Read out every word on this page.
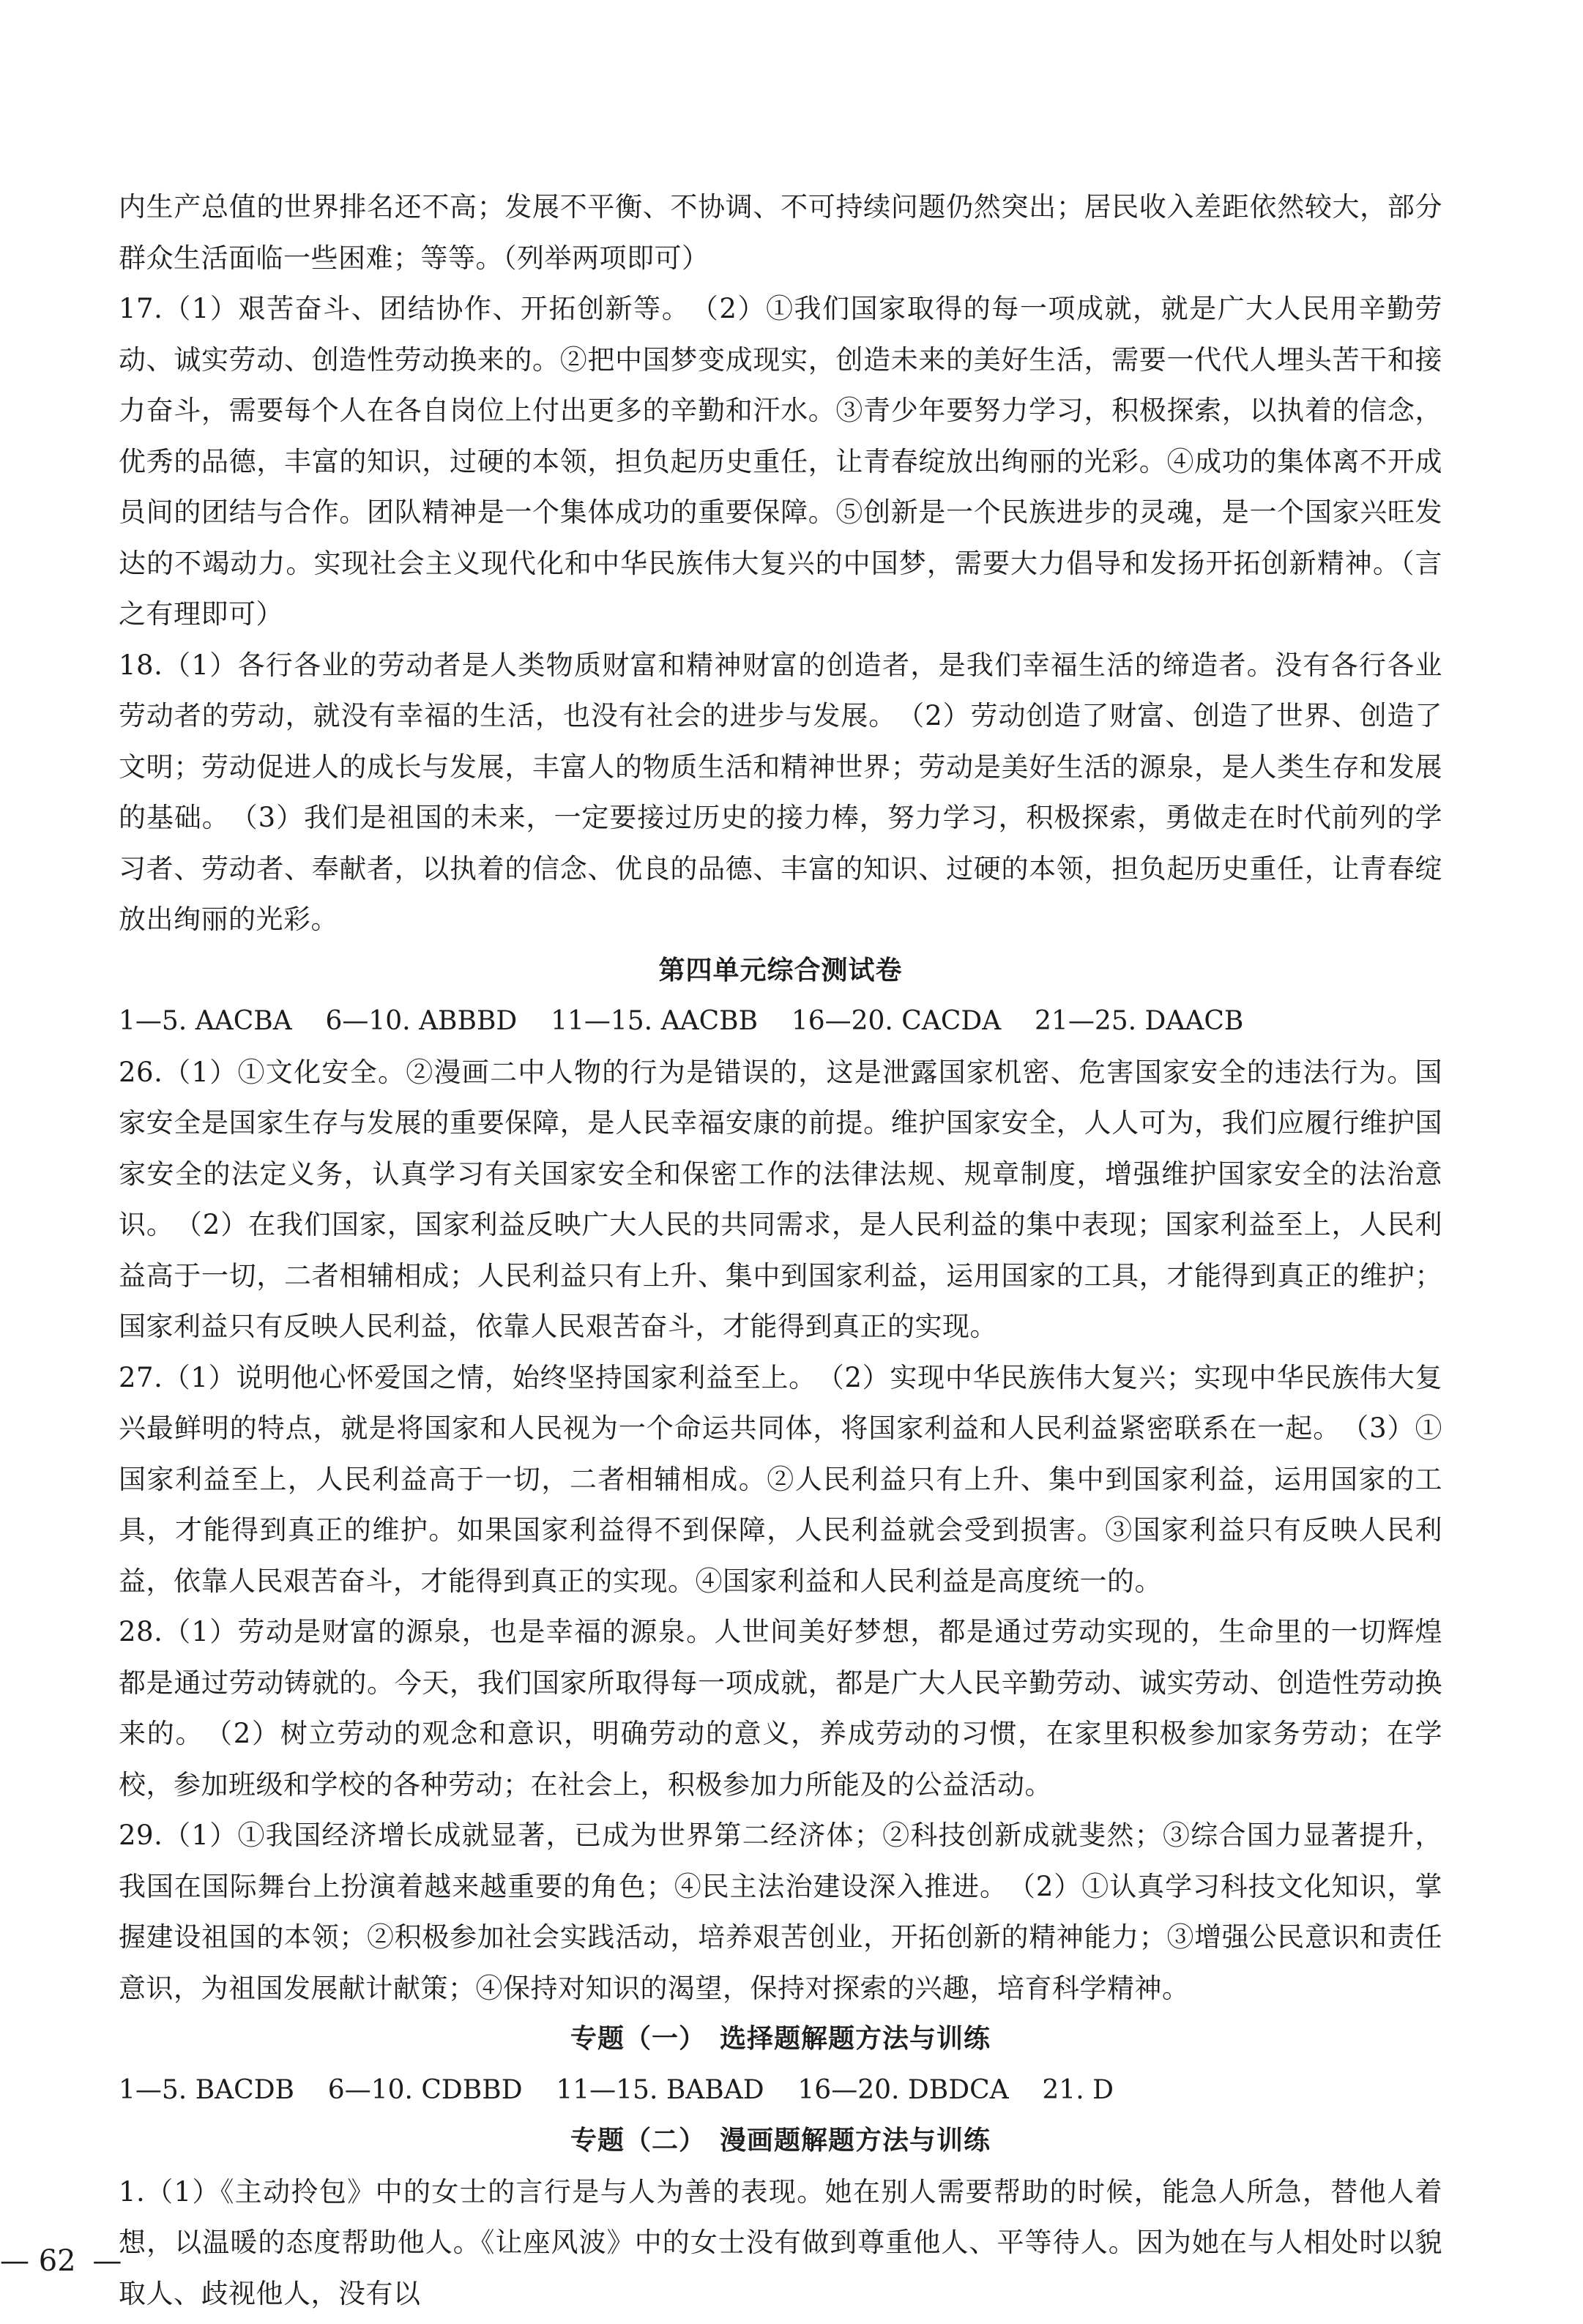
内生产总值的世界排名还不高；发展不平衡、不协调、不可持续问题仍然突出；居民收入差距依然较大，部分群众生活面临一些困难；等等。（列举两项即可）

17.（1）艰苦奋斗、团结协作、开拓创新等。　（2）①我们国家取得的每一项成就，就是广大人民用辛勤劳动、诚实劳动、创造性劳动换来的。②把中国梦变成现实，创造未来的美好生活，需要一代代人埋头苦干和接力奋斗，需要每个人在各自岗位上付出更多的辛勤和汗水。③青少年要努力学习，积极探索，以执着的信念，优秀的品德，丰富的知识，过硬的本领，担负起历史重任，让青春绽放出绚丽的光彩。④成功的集体离不开成员间的团结与合作。团队精神是一个集体成功的重要保障。⑤创新是一个民族进步的灵魂，是一个国家兴旺发达的不竭动力。实现社会主义现代化和中华民族伟大复兴的中国梦，需要大力倡导和发扬开拓创新精神。（言之有理即可）

18.（1）各行各业的劳动者是人类物质财富和精神财富的创造者，是我们幸福生活的缔造者。没有各行各业劳动者的劳动，就没有幸福的生活，也没有社会的进步与发展。　（2）劳动创造了财富、创造了世界、创造了文明；劳动促进人的成长与发展，丰富人的物质生活和精神世界；劳动是美好生活的源泉，是人类生存和发展的基础。　（3）我们是祖国的未来，一定要接过历史的接力棒，努力学习，积极探索，勇做走在时代前列的学习者、劳动者、奉献者，以执着的信念、优良的品德、丰富的知识、过硬的本领，担负起历史重任，让青春绽放出绚丽的光彩。

第四单元综合测试卷

1—5. AACBA    6—10. ABBBD    11—15. AACBB    16—20. CACDA    21—25. DAACB

26.（1）①文化安全。②漫画二中人物的行为是错误的，这是泄露国家机密、危害国家安全的违法行为。国家安全是国家生存与发展的重要保障，是人民幸福安康的前提。维护国家安全，人人可为，我们应履行维护国家安全的法定义务，认真学习有关国家安全和保密工作的法律法规、规章制度，增强维护国家安全的法治意识。　（2）在我们国家，国家利益反映广大人民的共同需求，是人民利益的集中表现；国家利益至上，人民利益高于一切，二者相辅相成；人民利益只有上升、集中到国家利益，运用国家的工具，才能得到真正的维护；国家利益只有反映人民利益，依靠人民艰苦奋斗，才能得到真正的实现。

27.（1）说明他心怀爱国之情，始终坚持国家利益至上。　（2）实现中华民族伟大复兴；实现中华民族伟大复兴最鲜明的特点，就是将国家和人民视为一个命运共同体，将国家利益和人民利益紧密联系在一起。　（3）①国家利益至上，人民利益高于一切，二者相辅相成。②人民利益只有上升、集中到国家利益，运用国家的工具，才能得到真正的维护。如果国家利益得不到保障，人民利益就会受到损害。③国家利益只有反映人民利益，依靠人民艰苦奋斗，才能得到真正的实现。④国家利益和人民利益是高度统一的。

28.（1）劳动是财富的源泉，也是幸福的源泉。人世间美好梦想，都是通过劳动实现的，生命里的一切辉煌都是通过劳动铸就的。今天，我们国家所取得每一项成就，都是广大人民辛勤劳动、诚实劳动、创造性劳动换来的。　（2）树立劳动的观念和意识，明确劳动的意义，养成劳动的习惯，在家里积极参加家务劳动；在学校，参加班级和学校的各种劳动；在社会上，积极参加力所能及的公益活动。

29.（1）①我国经济增长成就显著，已成为世界第二经济体；②科技创新成就斐然；③综合国力显著提升，我国在国际舞台上扮演着越来越重要的角色；④民主法治建设深入推进。　（2）①认真学习科技文化知识，掌握建设祖国的本领；②积极参加社会实践活动，培养艰苦创业，开拓创新的精神能力；③增强公民意识和责任意识，为祖国发展献计献策；④保持对知识的渴望，保持对探索的兴趣，培育科学精神。

专题（一）　选择题解题方法与训练

1—5. BACDB    6—10. CDBBD    11—15. BABAD    16—20. DBDCA    21. D

专题（二）　漫画题解题方法与训练

1.（1）《主动拎包》中的女士的言行是与人为善的表现。她在别人需要帮助的时候，能急人所急，替他人着想，以温暖的态度帮助他人。《让座风波》中的女士没有做到尊重他人、平等待人。因为她在与人相处时以貌取人、歧视他人，没有以

— 62 —
